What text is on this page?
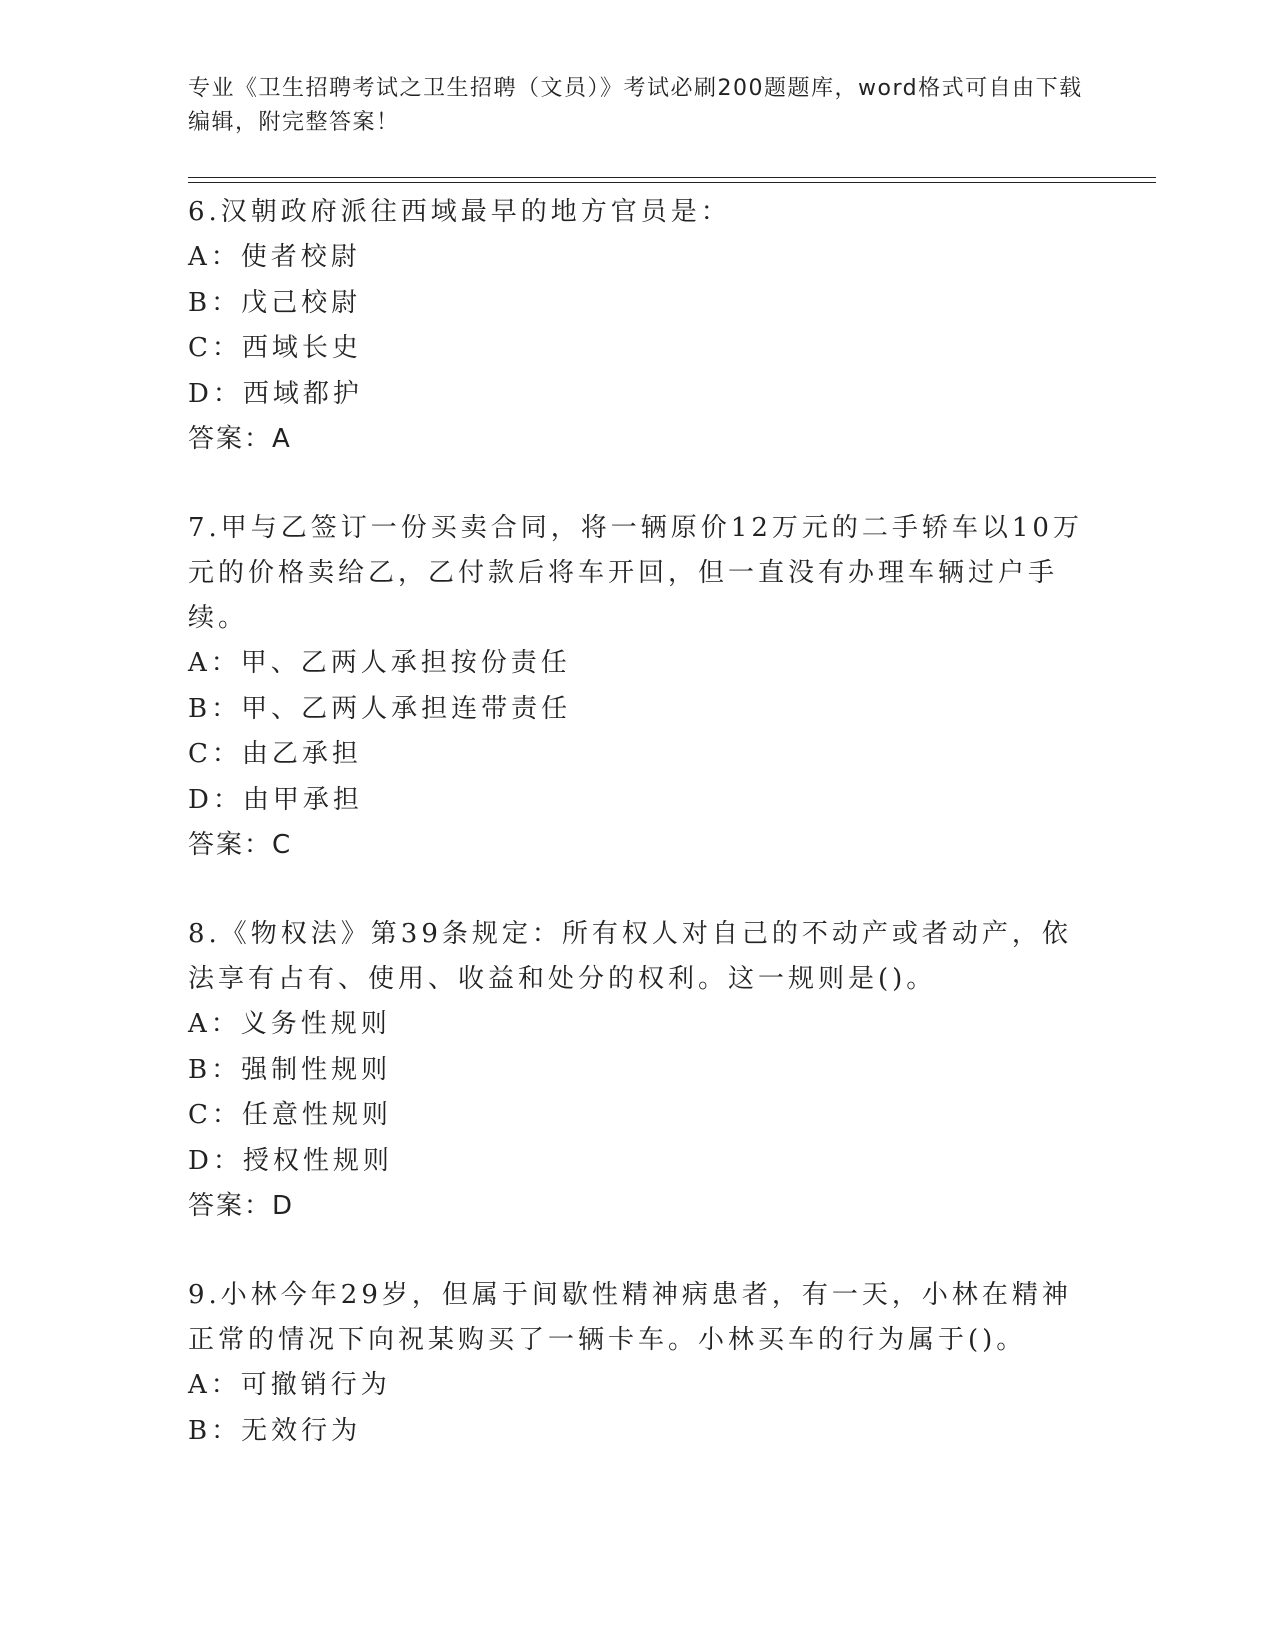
专业《卫生招聘考试之卫生招聘（文员）》考试必刷200题题库，word格式可自由下载编辑，附完整答案！

6.汉朝政府派往西域最早的地方官员是：

A：使者校尉

B：戊己校尉

C：西域长史

D：西域都护

答案：A

7.甲与乙签订一份买卖合同，将一辆原价12万元的二手轿车以10万元的价格卖给乙，乙付款后将车开回，但一直没有办理车辆过户手续。

A：甲、乙两人承担按份责任

B：甲、乙两人承担连带责任

C：由乙承担

D：由甲承担

答案：C

8.《物权法》第39条规定：所有权人对自己的不动产或者动产，依法享有占有、使用、收益和处分的权利。这一规则是()。

A：义务性规则

B：强制性规则

C：任意性规则

D：授权性规则

答案：D

9.小林今年29岁，但属于间歇性精神病患者，有一天，小林在精神正常的情况下向祝某购买了一辆卡车。小林买车的行为属于()。

A：可撤销行为

B：无效行为
